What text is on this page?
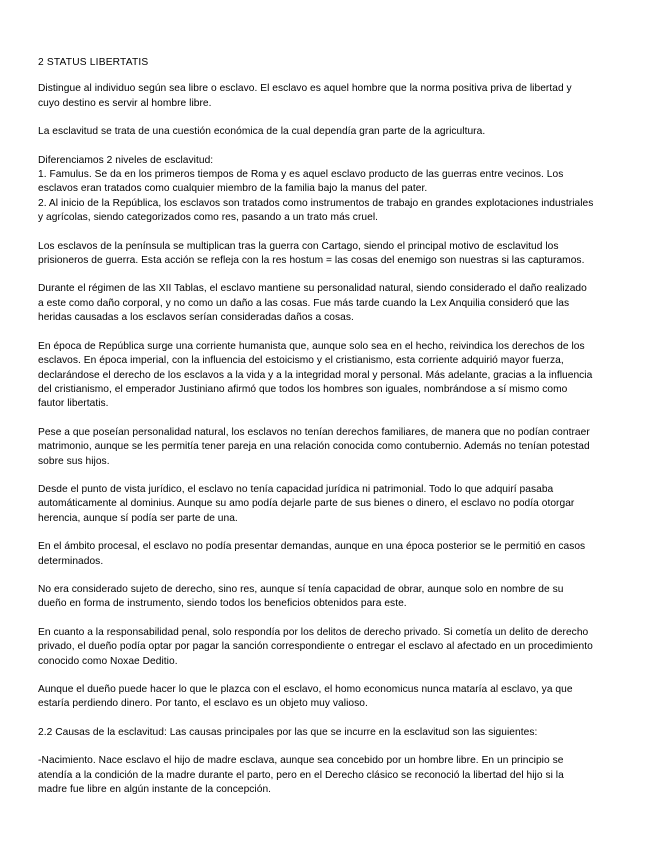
2 STATUS LIBERTATIS

Distingue al individuo según sea libre o esclavo. El esclavo es aquel hombre que la norma positiva priva de libertad y
cuyo destino es servir al hombre libre.

La esclavitud se trata de una cuestión económica de la cual dependía gran parte de la agricultura.

Diferenciamos 2 niveles de esclavitud:
1. Famulus. Se da en los primeros tiempos de Roma y es aquel esclavo producto de las guerras entre vecinos. Los
esclavos eran tratados como cualquier miembro de la familia bajo la manus del pater.
2. Al inicio de la República, los esclavos son tratados como instrumentos de trabajo en grandes explotaciones industriales
y agrícolas, siendo categorizados como res, pasando a un trato más cruel.

Los esclavos de la península se multiplican tras la guerra con Cartago, siendo el principal motivo de esclavitud los
prisioneros de guerra. Esta acción se refleja con la res hostum = las cosas del enemigo son nuestras si las capturamos.

Durante el régimen de las XII Tablas, el esclavo mantiene su personalidad natural, siendo considerado el daño realizado
a este como daño corporal, y no como un daño a las cosas. Fue más tarde cuando la Lex Anquilia consideró que las
heridas causadas a los esclavos serían consideradas daños a cosas.

En época de República surge una corriente humanista que, aunque solo sea en el hecho, reivindica los derechos de los
esclavos. En época imperial, con la influencia del estoicismo y el cristianismo, esta corriente adquirió mayor fuerza,
declarándose el derecho de los esclavos a la vida y a la integridad moral y personal. Más adelante, gracias a la influencia
del cristianismo, el emperador Justiniano afirmó que todos los hombres son iguales, nombrándose a sí mismo como
fautor libertatis.

Pese a que poseían personalidad natural, los esclavos no tenían derechos familiares, de manera que no podían contraer
matrimonio, aunque se les permitía tener pareja en una relación conocida como contubernio. Además no tenían potestad
sobre sus hijos.

Desde el punto de vista jurídico, el esclavo no tenía capacidad jurídica ni patrimonial. Todo lo que adquirí pasaba
automáticamente al dominius. Aunque su amo podía dejarle parte de sus bienes o dinero, el esclavo no podía otorgar
herencia, aunque sí podía ser parte de una.

En el ámbito procesal, el esclavo no podía presentar demandas, aunque en una época posterior se le permitió en casos
determinados.

No era considerado sujeto de derecho, sino res, aunque sí tenía capacidad de obrar, aunque solo en nombre de su
dueño en forma de instrumento, siendo todos los beneficios obtenidos para este.

En cuanto a la responsabilidad penal, solo respondía por los delitos de derecho privado. Si cometía un delito de derecho
privado, el dueño podía optar por pagar la sanción correspondiente o entregar el esclavo al afectado en un procedimiento
conocido como Noxae Deditio.

Aunque el dueño puede hacer lo que le plazca con el esclavo, el homo economicus nunca mataría al esclavo, ya que
estaría perdiendo dinero. Por tanto, el esclavo es un objeto muy valioso.

2.2 Causas de la esclavitud: Las causas principales por las que se incurre en la esclavitud son las siguientes:

-Nacimiento. Nace esclavo el hijo de madre esclava, aunque sea concebido por un hombre libre. En un principio se
atendía a la condición de la madre durante el parto, pero en el Derecho clásico se reconoció la libertad del hijo si la
madre fue libre en algún instante de la concepción.
